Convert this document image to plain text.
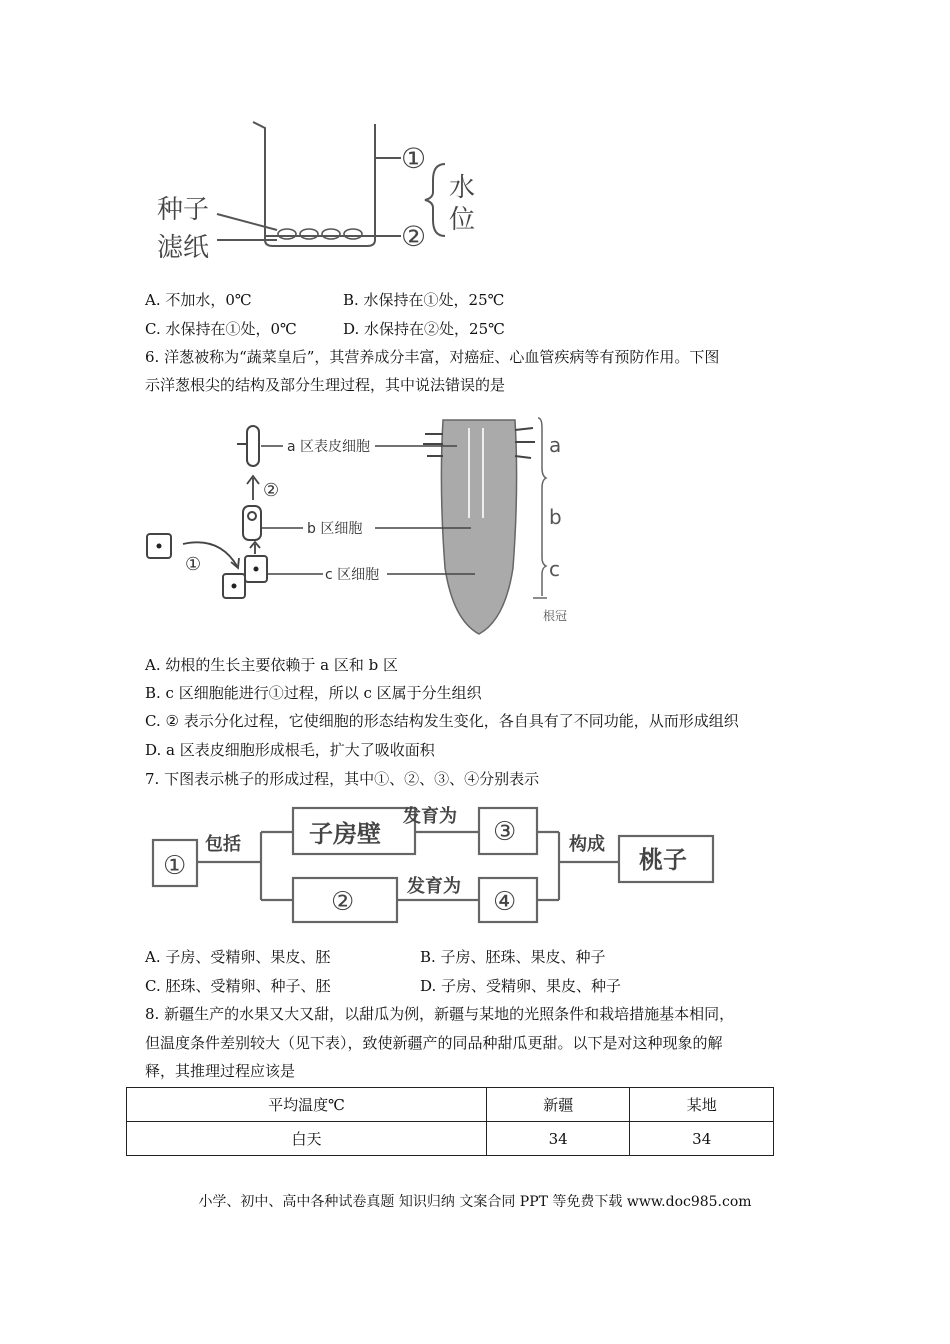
种子
滤纸
①
②
水
位
A. 不加水，0℃	B. 水保持在①处，25℃
C. 水保持在①处，0℃	D. 水保持在②处，25℃
6. 洋葱被称为“蔬菜皇后”，其营养成分丰富，对癌症、心血管疾病等有预防作用。下图
示洋葱根尖的结构及部分生理过程，其中说法错误的是
a
b
c
根冠
②
①
a 区表皮细胞
b 区细胞
c 区细胞
A. 幼根的生长主要依赖于 a 区和 b 区
B. c 区细胞能进行①过程，所以 c 区属于分生组织
C. ② 表示分化过程，它使细胞的形态结构发生变化，各自具有了不同功能，从而形成组织
D. a 区表皮细胞形成根毛，扩大了吸收面积
7. 下图表示桃子的形成过程，其中①、②、③、④分别表示
①
包括	子房壁
②
发育为
发育为
③
④
构成
桃子
A. 子房、受精卵、果皮、胚	B. 子房、胚珠、果皮、种子
C. 胚珠、受精卵、种子、胚	D. 子房、受精卵、果皮、种子
8. 新疆生产的水果又大又甜，以甜瓜为例，新疆与某地的光照条件和栽培措施基本相同，
但温度条件差别较大（见下表），致使新疆产的同品种甜瓜更甜。以下是对这种现象的解
释，其推理过程应该是
平均温度℃	新疆	某地
白天	34	34
小学、初中、高中各种试卷真题 知识归纳 文案合同 PPT 等免费下载 www.doc985.com
